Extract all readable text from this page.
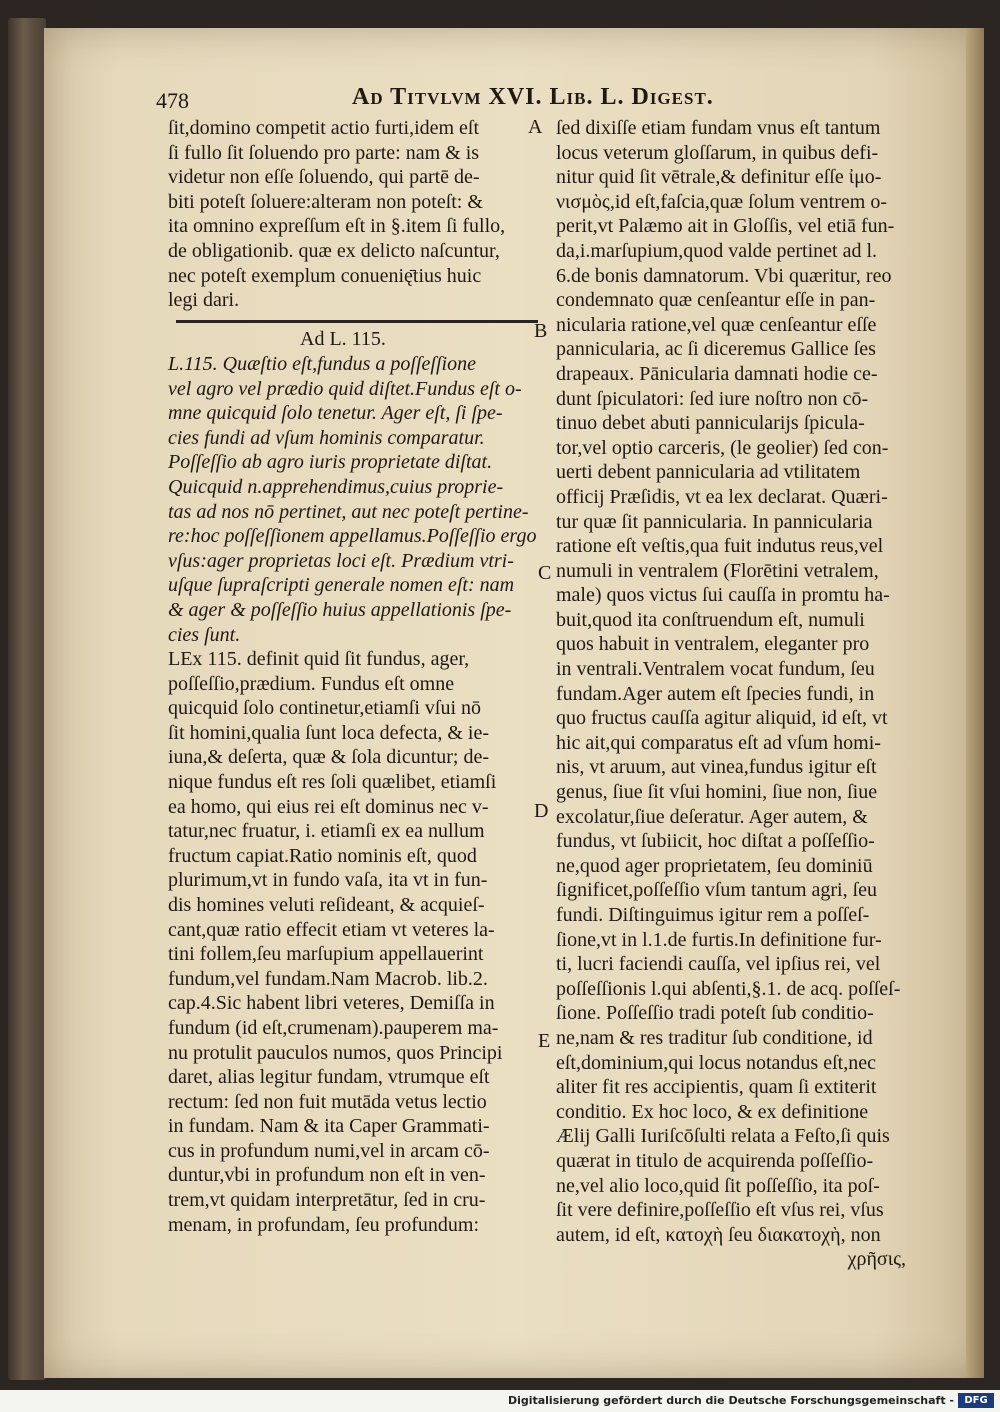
478	Ad Titvlvm XVI. Lib. L. Digest.
ſit,domino competit actio furti,idem eſt
ſi fullo ſit ſoluendo pro parte: nam & is
videtur non eſſe ſoluendo, qui partē de-
biti poteſt ſoluere:alteram non poteſt: &
ita omnino expreſſum eſt in §.item ſi fullo,
de obligationib. quæ ex delicto naſcuntur,
nec poteſt exemplum conuenię̄tius huic
legi dari.
Ad L. 115.
L.115. Quæſtio eſt,fundus a poſſeſſione
vel agro vel prædio quid diſtet.Fundus eſt o-
mne quicquid ſolo tenetur. Ager eſt, ſi ſpe-
cies fundi ad vſum hominis comparatur.
Poſſeſſio ab agro iuris proprietate diſtat.
Quicquid n.apprehendimus,cuius proprie-
tas ad nos nō pertinet, aut nec poteſt pertine-
re:hoc poſſeſſionem appellamus.Poſſeſſio ergo
vſus:ager proprietas loci eſt. Prædium vtri-
uſque ſupraſcripti generale nomen eſt: nam
& ager & poſſeſſio huius appellationis ſpe-
cies ſunt.
LEx 115. definit quid ſit fundus, ager,
poſſeſſio,prædium. Fundus eſt omne
quicquid ſolo continetur,etiamſi vſui nō
ſit homini,qualia ſunt loca defecta, & ie-
iuna,& deſerta, quæ & ſola dicuntur; de-
nique fundus eſt res ſoli quælibet, etiamſi
ea homo, qui eius rei eſt dominus nec v-
tatur,nec fruatur, i. etiamſi ex ea nullum
fructum capiat.Ratio nominis eſt, quod
plurimum,vt in fundo vaſa, ita vt in fun-
dis homines veluti reſideant, & acquieſ-
cant,quæ ratio effecit etiam vt veteres la-
tini follem,ſeu marſupium appellauerint
fundum,vel fundam.Nam Macrob. lib.2.
cap.4.Sic habent libri veteres, Demiſſa in
fundum (id eſt,crumenam).pauperem ma-
nu protulit pauculos numos, quos Principi
daret, alias legitur fundam, vtrumque eſt
rectum: ſed non fuit mutāda vetus lectio
in fundam. Nam & ita Caper Grammati-
cus in profundum numi,vel in arcam cō-
duntur,vbi in profundum non eſt in ven-
trem,vt quidam interpretātur, ſed in cru-
menam, in profundam, ſeu profundum:
ſed dixiſſe etiam fundam vnus eſt tantum
locus veterum gloſſarum, in quibus defi-
nitur quid ſit vētrale,& definitur eſſe ἰμο-
νισμὸς,id eſt,faſcia,quæ ſolum ventrem o-
perit,vt Palæmo ait in Gloſſis, vel etiā fun-
da,i.marſupium,quod valde pertinet ad l.
6.de bonis damnatorum. Vbi quæritur, reo
condemnato quæ cenſeantur eſſe in pan-
nicularia ratione,vel quæ cenſeantur eſſe
pannicularia, ac ſi diceremus Gallice ſes
drapeaux. Pānicularia damnati hodie ce-
dunt ſpiculatori: ſed iure noſtro non cō-
tinuo debet abuti pannicularijs ſpicula-
tor,vel optio carceris, (le geolier) ſed con-
uerti debent pannicularia ad vtilitatem
officij Præſidis, vt ea lex declarat. Quæri-
tur quæ ſit pannicularia. In pannicularia
ratione eſt veſtis,qua fuit indutus reus,vel
numuli in ventralem (Florētini vetralem,
male) quos victus ſui cauſſa in promtu ha-
buit,quod ita conſtruendum eſt, numuli
quos habuit in ventralem, eleganter pro
in ventrali.Ventralem vocat fundum, ſeu
fundam.Ager autem eſt ſpecies fundi, in
quo fructus cauſſa agitur aliquid, id eſt, vt
hic ait,qui comparatus eſt ad vſum homi-
nis, vt aruum, aut vinea,fundus igitur eſt
genus, ſiue ſit vſui homini, ſiue non, ſiue
excolatur,ſiue deſeratur. Ager autem, &
fundus, vt ſubiicit, hoc diſtat a poſſeſſio-
ne,quod ager proprietatem, ſeu dominiū
ſignificet,poſſeſſio vſum tantum agri, ſeu
fundi. Diſtinguimus igitur rem a poſſeſ-
ſione,vt in l.1.de furtis.In definitione fur-
ti, lucri faciendi cauſſa, vel ipſius rei, vel
poſſeſſionis l.qui abſenti,§.1. de acq. poſſeſ-
ſione. Poſſeſſio tradi poteſt ſub conditio-
ne,nam & res traditur ſub conditione, id
eſt,dominium,qui locus notandus eſt,nec
aliter fit res accipientis, quam ſi extiterit
conditio. Ex hoc loco, & ex definitione
Ælij Galli Iuriſcōſulti relata a Feſto,ſi quis
quærat in titulo de acquirenda poſſeſſio-
ne,vel alio loco,quid ſit poſſeſſio, ita poſ-
ſit vere definire,poſſeſſio eſt vſus rei, vſus
autem, id eſt, κατοχὴ ſeu διακατοχὴ, non
χρῆσις,
A
B
C
D
E
Digitalisierung gefördert durch die Deutsche Forschungsgemeinschaft -	DFG
